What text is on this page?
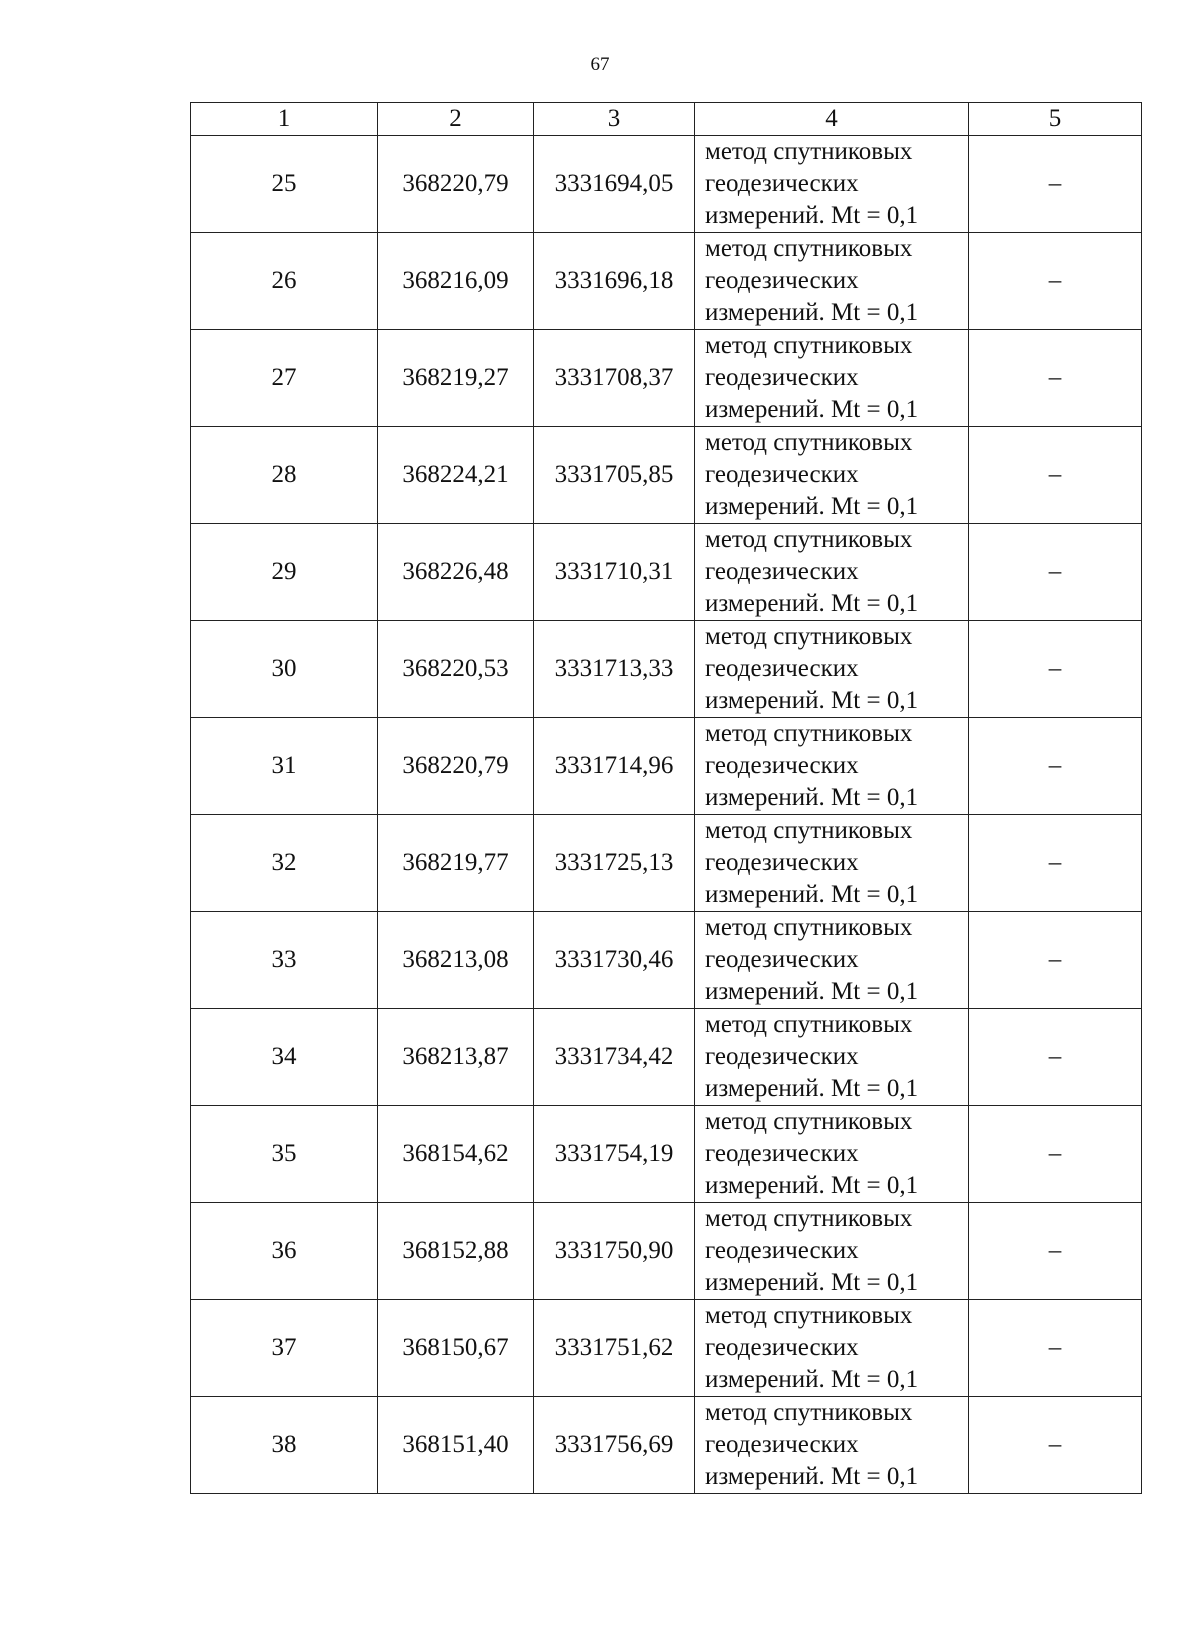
67
1	2	3	4	5
25	368220,79	3331694,05	метод спутниковых
геодезических
измерений. Mt = 0,1	–
26	368216,09	3331696,18	метод спутниковых
геодезических
измерений. Mt = 0,1	–
27	368219,27	3331708,37	метод спутниковых
геодезических
измерений. Mt = 0,1	–
28	368224,21	3331705,85	метод спутниковых
геодезических
измерений. Mt = 0,1	–
29	368226,48	3331710,31	метод спутниковых
геодезических
измерений. Mt = 0,1	–
30	368220,53	3331713,33	метод спутниковых
геодезических
измерений. Mt = 0,1	–
31	368220,79	3331714,96	метод спутниковых
геодезических
измерений. Mt = 0,1	–
32	368219,77	3331725,13	метод спутниковых
геодезических
измерений. Mt = 0,1	–
33	368213,08	3331730,46	метод спутниковых
геодезических
измерений. Mt = 0,1	–
34	368213,87	3331734,42	метод спутниковых
геодезических
измерений. Mt = 0,1	–
35	368154,62	3331754,19	метод спутниковых
геодезических
измерений. Mt = 0,1	–
36	368152,88	3331750,90	метод спутниковых
геодезических
измерений. Mt = 0,1	–
37	368150,67	3331751,62	метод спутниковых
геодезических
измерений. Mt = 0,1	–
38	368151,40	3331756,69	метод спутниковых
геодезических
измерений. Mt = 0,1	–
